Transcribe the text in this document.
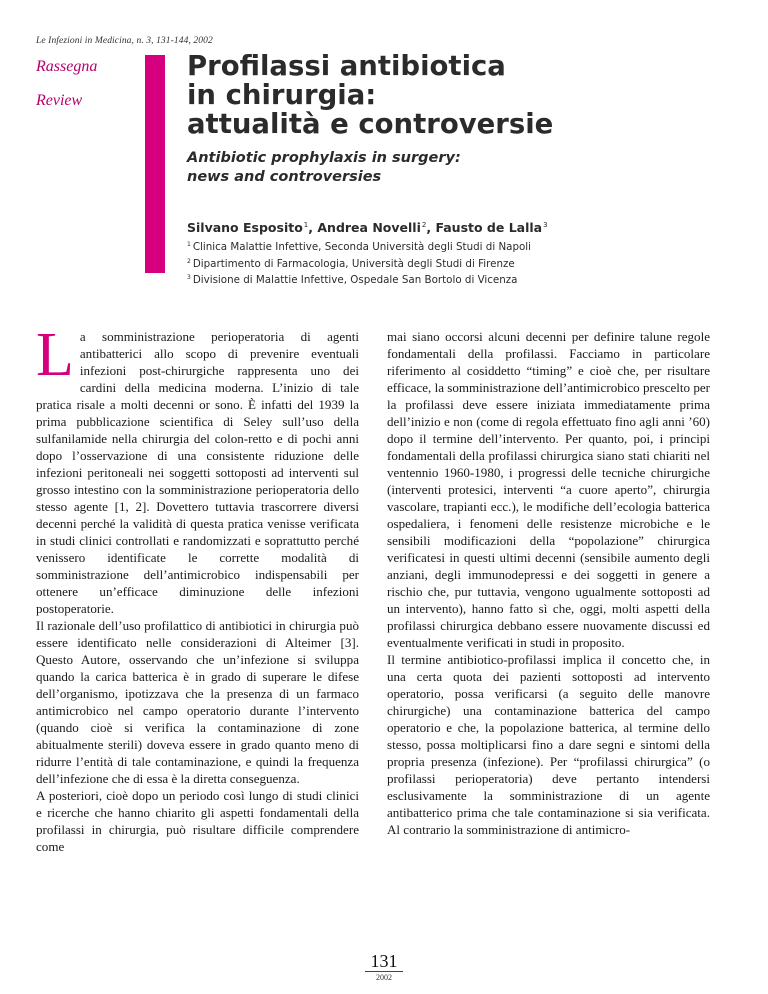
Le Infezioni in Medicina, n. 3, 131-144, 2002
Rassegna
Review
Profilassi antibiotica
in chirurgia:
attualità e controversie
Antibiotic prophylaxis in surgery:
news and controversies
Silvano Esposito$^1$, Andrea Novelli$^2$, Fausto de Lalla$^3$
$^1$ Clinica Malattie Infettive, Seconda Università degli Studi di Napoli
$^2$ Dipartimento di Farmacologia, Università degli Studi di Firenze
$^3$ Divisione di Malattie Infettive, Ospedale San Bortolo di Vicenza

La somministrazione perioperatoria di agenti antibatterici allo scopo di prevenire eventuali infezioni post-chirurgiche rappresenta uno dei cardini della medicina moderna. L’inizio di tale pratica risale a molti decenni or sono. È infatti del 1939 la prima pubblicazione scientifica di Seley sull’uso della sulfanilamide nella chirurgia del colon-retto e di pochi anni dopo l’osservazione di una consistente riduzione delle infezioni peritoneali nei soggetti sottoposti ad interventi sul grosso intestino con la somministrazione perioperatoria dello stesso agente [1, 2]. Dovettero tuttavia trascorrere diversi decenni perché la validità di questa pratica venisse verificata in studi clinici controllati e randomizzati e soprattutto perché venissero identificate le corrette modalità di somministrazione dell’antimicrobico indispensabili per ottenere un’efficace diminuzione delle infezioni postoperatorie.

Il razionale dell’uso profilattico di antibiotici in chirurgia può essere identificato nelle considerazioni di Alteimer [3]. Questo Autore, osservando che un’infezione si sviluppa quando la carica batterica è in grado di superare le difese dell’organismo, ipotizzava che la presenza di un farmaco antimicrobico nel campo operatorio durante l’intervento (quando cioè si verifica la contaminazione di zone abitualmente sterili) doveva essere in grado quanto meno di ridurre l’entità di tale contaminazione, e quindi la frequenza dell’infezione che di essa è la diretta conseguenza.

A posteriori, cioè dopo un periodo così lungo di studi clinici e ricerche che hanno chiarito gli aspetti fondamentali della profilassi in chirurgia, può risultare difficile comprendere come

mai siano occorsi alcuni decenni per definire talune regole fondamentali della profilassi. Facciamo in particolare riferimento al cosiddetto “timing” e cioè che, per risultare efficace, la somministrazione dell’antimicrobico prescelto per la profilassi deve essere iniziata immediatamente prima dell’inizio e non (come di regola effettuato fino agli anni ’60) dopo il termine dell’intervento. Per quanto, poi, i principi fondamentali della profilassi chirurgica siano stati chiariti nel ventennio 1960-1980, i progressi delle tecniche chirurgiche (interventi protesici, interventi “a cuore aperto”, chirurgia vascolare, trapianti ecc.), le modifiche dell’ecologia batterica ospedaliera, i fenomeni delle resistenze microbiche e le sensibili modificazioni della “popolazione” chirurgica verificatesi in questi ultimi decenni (sensibile aumento degli anziani, degli immunodepressi e dei soggetti in genere a rischio che, pur tuttavia, vengono ugualmente sottoposti ad un intervento), hanno fatto sì che, oggi, molti aspetti della profilassi chirurgica debbano essere nuovamente discussi ed eventualmente verificati in studi in proposito.

Il termine antibiotico-profilassi implica il concetto che, in una certa quota dei pazienti sottoposti ad intervento operatorio, possa verificarsi (a seguito delle manovre chirurgiche) una contaminazione batterica del campo operatorio e che, la popolazione batterica, al termine dello stesso, possa moltiplicarsi fino a dare segni e sintomi della propria presenza (infezione). Per “profilassi chirurgica” (o profilassi perioperatoria) deve pertanto intendersi esclusivamente la somministrazione di un agente antibatterico prima che tale contaminazione si sia verificata. Al contrario la somministrazione di antimicro-

131
2002
